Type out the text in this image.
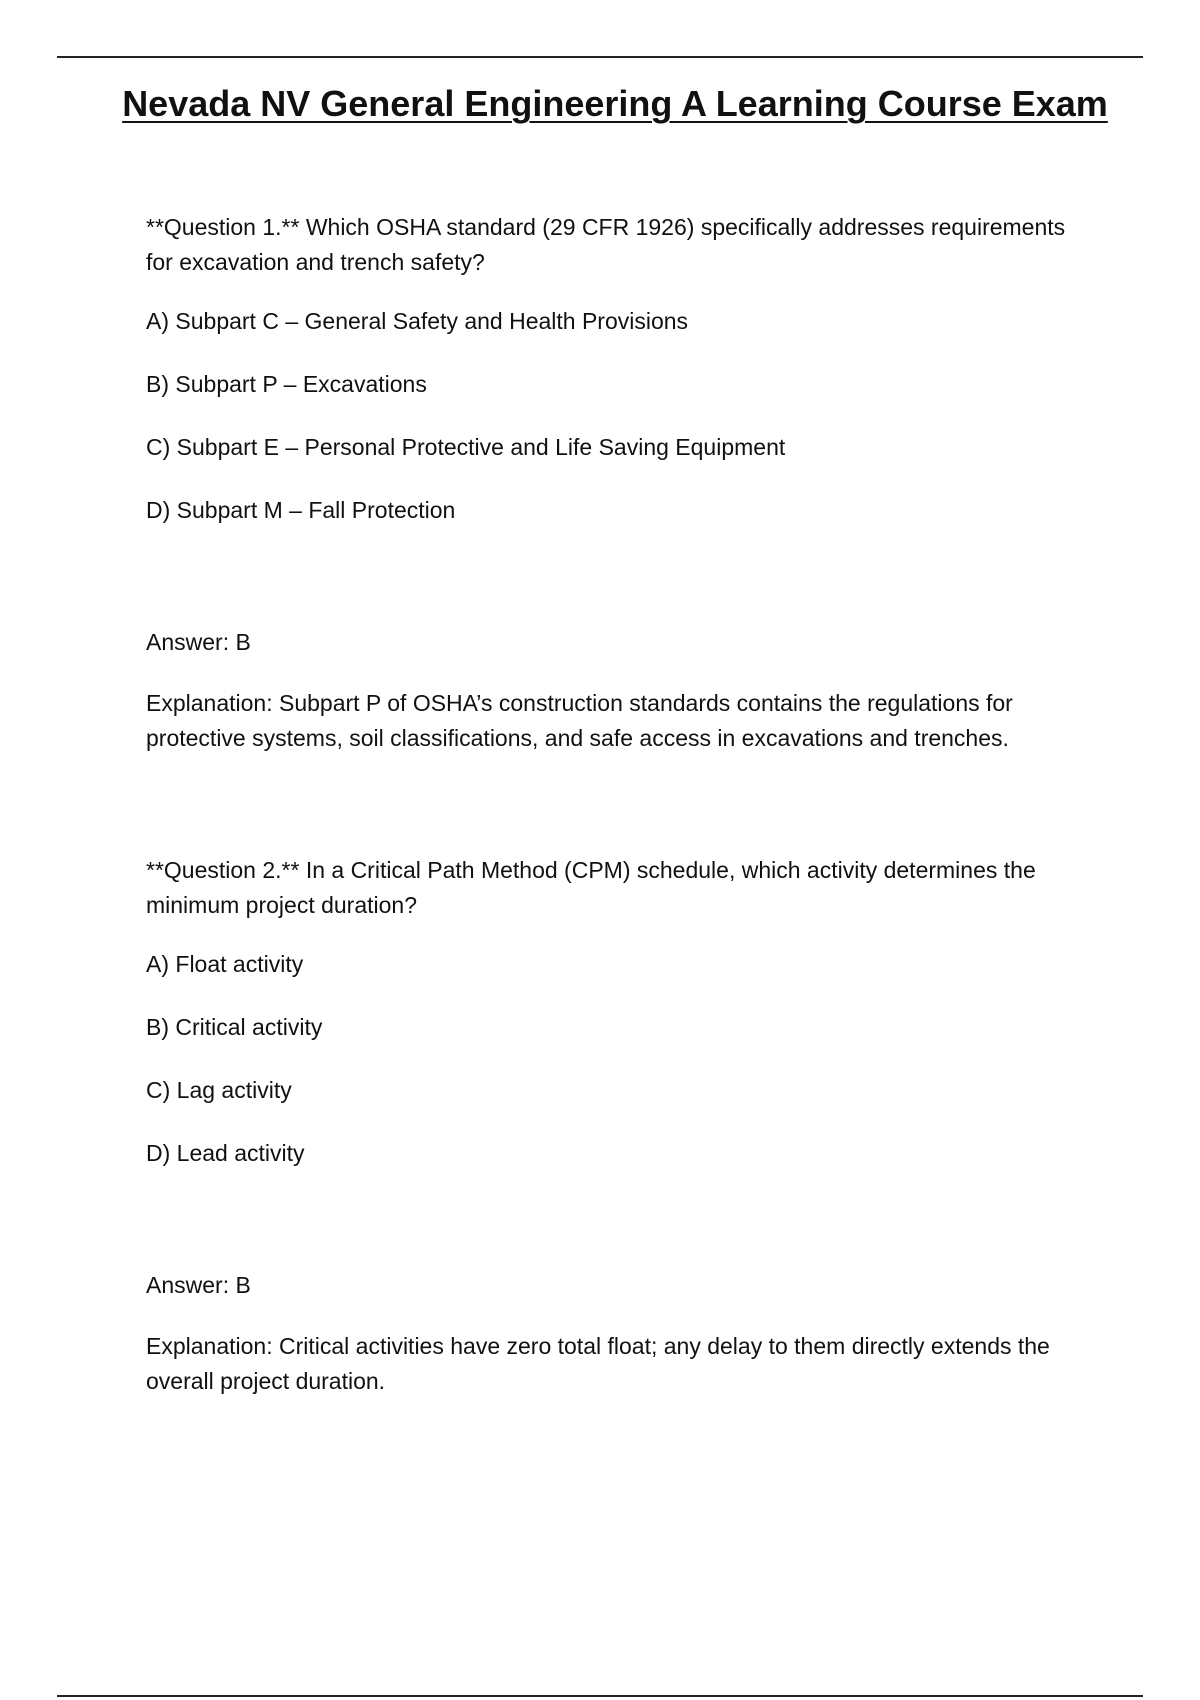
Nevada NV General Engineering A Learning Course Exam

**Question 1.** Which OSHA standard (29 CFR 1926) specifically addresses requirements for excavation and trench safety?

A) Subpart C – General Safety and Health Provisions

B) Subpart P – Excavations

C) Subpart E – Personal Protective and Life Saving Equipment

D) Subpart M – Fall Protection

Answer: B

Explanation: Subpart P of OSHA’s construction standards contains the regulations for protective systems, soil classifications, and safe access in excavations and trenches.

**Question 2.** In a Critical Path Method (CPM) schedule, which activity determines the minimum project duration?

A) Float activity

B) Critical activity

C) Lag activity

D) Lead activity

Answer: B

Explanation: Critical activities have zero total float; any delay to them directly extends the overall project duration.
